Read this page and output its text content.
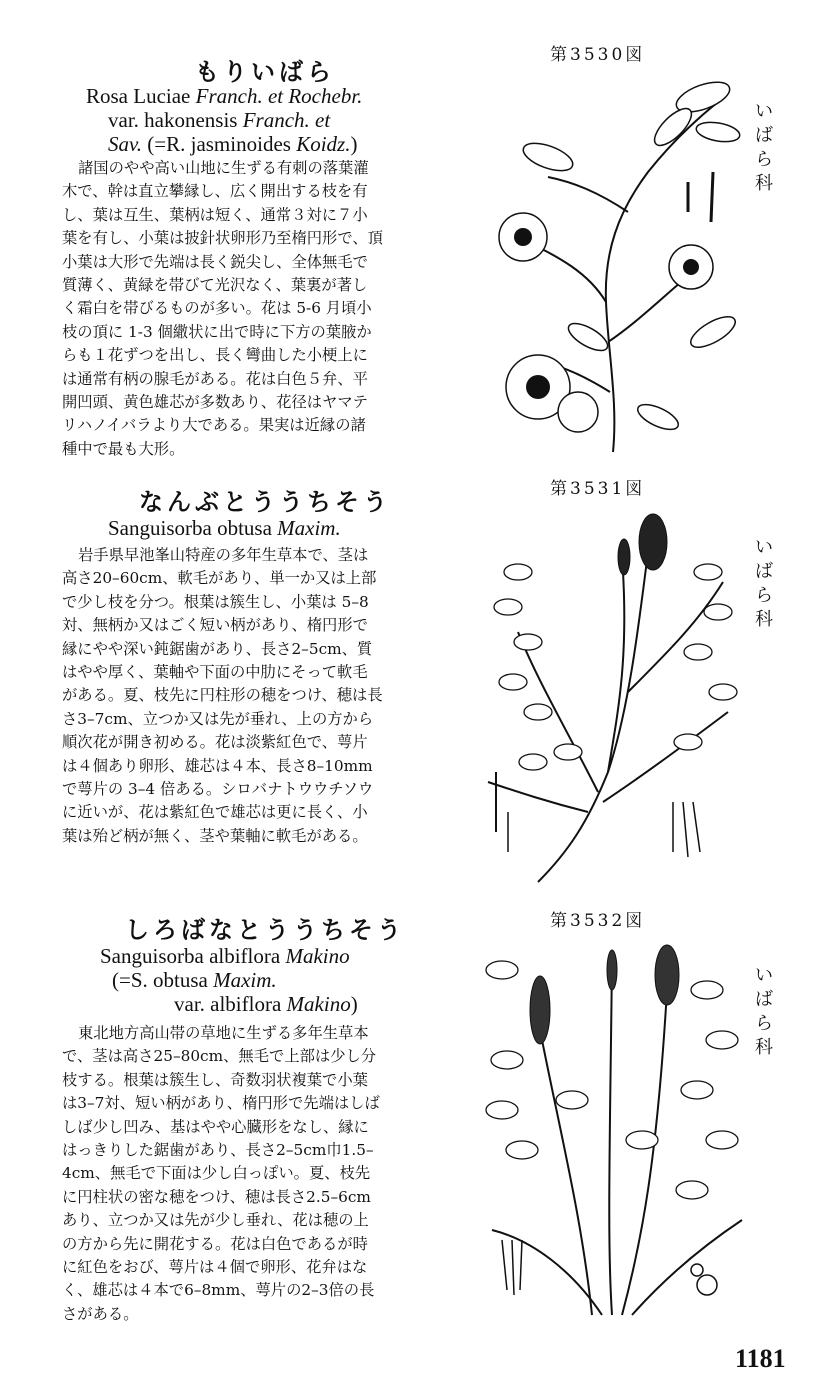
もりいばら
Rosa Luciae Franch. et Rochebr.
var. hakonensis Franch. et
Sav. (=R. jasminoides Koidz.)
諸国のやや高い山地に生ずる有刺の落葉灌
木で、幹は直立攀縁し、広く開出する枝を有
し、葉は互生、葉柄は短く、通常３対に７小
葉を有し、小葉は披針状卵形乃至楕円形で、頂
小葉は大形で先端は長く鋭尖し、全体無毛で
質薄く、黄緑を帯びて光沢なく、葉裏が著し
く霜白を帯びるものが多い。花は 5-6 月頃小
枝の頂に 1-3 個繖状に出で時に下方の葉腋か
らも１花ずつを出し、長く彎曲した小梗上に
は通常有柄の腺毛がある。花は白色５弁、平
開凹頭、黄色雄芯が多数あり、花径はヤマテ
リハノイバラより大である。果実は近縁の諸
種中で最も大形。
第3530図
い
ば
ら
科
なんぶとううちそう
Sanguisorba obtusa Maxim.
岩手県早池峯山特産の多年生草本で、茎は
高さ20–60cm、軟毛があり、単一か又は上部
で少し枝を分つ。根葉は簇生し、小葉は 5–8
対、無柄か又はごく短い柄があり、楕円形で
縁にやや深い鈍鋸歯があり、長さ2–5cm、質
はやや厚く、葉軸や下面の中肋にそって軟毛
がある。夏、枝先に円柱形の穂をつけ、穂は長
さ3–7cm、立つか又は先が垂れ、上の方から
順次花が開き初める。花は淡紫紅色で、萼片
は４個あり卵形、雄芯は４本、長さ8–10mm
で萼片の 3–4 倍ある。シロバナトウウチソウ
に近いが、花は紫紅色で雄芯は更に長く、小
葉は殆ど柄が無く、茎や葉軸に軟毛がある。
第3531図
い
ば
ら
科
しろばなとううちそう
Sanguisorba albiflora Makino
(=S. obtusa Maxim.
var. albiflora Makino)
東北地方高山帯の草地に生ずる多年生草本
で、茎は高さ25–80cm、無毛で上部は少し分
枝する。根葉は簇生し、奇数羽状複葉で小葉
は3–7対、短い柄があり、楕円形で先端はしば
しば少し凹み、基はやや心臓形をなし、縁に
はっきりした鋸歯があり、長さ2–5cm巾1.5–
4cm、無毛で下面は少し白っぽい。夏、枝先
に円柱状の密な穂をつけ、穂は長さ2.5–6cm
あり、立つか又は先が少し垂れ、花は穂の上
の方から先に開花する。花は白色であるが時
に紅色をおび、萼片は４個で卵形、花弁はな
く、雄芯は４本で6–8mm、萼片の2–3倍の長
さがある。
第3532図
い
ば
ら
科
1181
